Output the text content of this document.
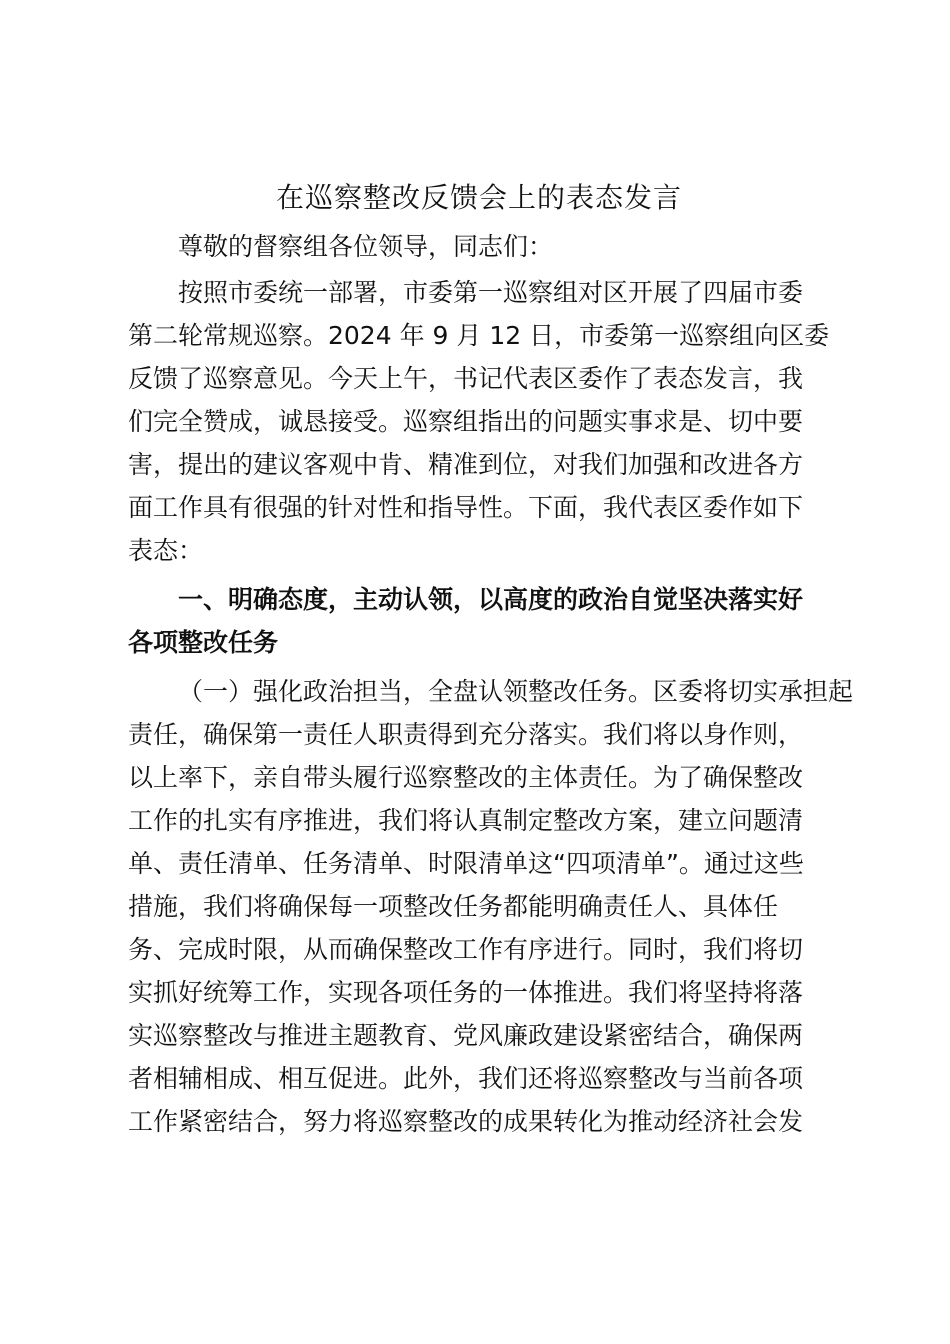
在巡察整改反馈会上的表态发言
尊敬的督察组各位领导，同志们：
按照市委统一部署，市委第一巡察组对区开展了四届市委
第二轮常规巡察。2024 年 9 月 12 日，市委第一巡察组向区委
反馈了巡察意见。今天上午，书记代表区委作了表态发言，我
们完全赞成，诚恳接受。巡察组指出的问题实事求是、切中要
害，提出的建议客观中肯、精准到位，对我们加强和改进各方
面工作具有很强的针对性和指导性。下面，我代表区委作如下
表态：
一、明确态度，主动认领，以高度的政治自觉坚决落实好
各项整改任务
（一）强化政治担当，全盘认领整改任务。区委将切实承担起
责任，确保第一责任人职责得到充分落实。我们将以身作则，
以上率下，亲自带头履行巡察整改的主体责任。为了确保整改
工作的扎实有序推进，我们将认真制定整改方案，建立问题清
单、责任清单、任务清单、时限清单这“四项清单”。通过这些
措施，我们将确保每一项整改任务都能明确责任人、具体任
务、完成时限，从而确保整改工作有序进行。同时，我们将切
实抓好统筹工作，实现各项任务的一体推进。我们将坚持将落
实巡察整改与推进主题教育、党风廉政建设紧密结合，确保两
者相辅相成、相互促进。此外，我们还将巡察整改与当前各项
工作紧密结合，努力将巡察整改的成果转化为推动经济社会发
